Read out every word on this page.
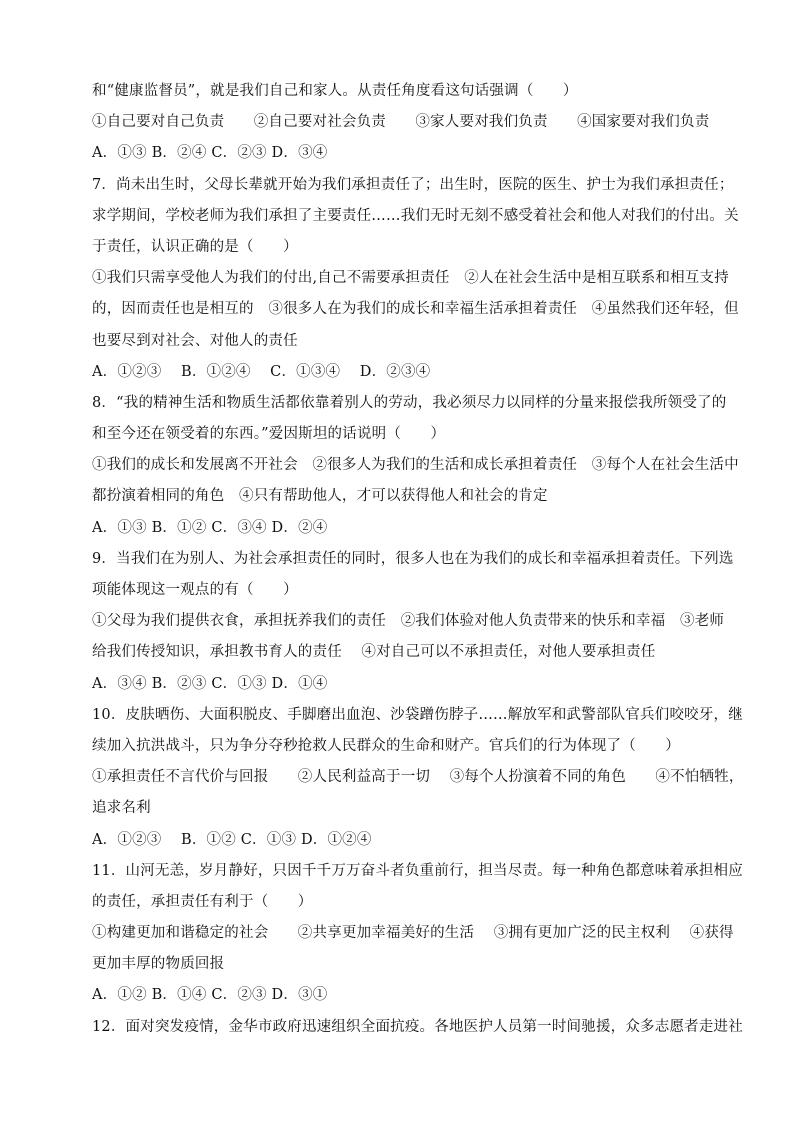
和“健康监督员”，就是我们自己和家人。从责任角度看这句话强调（　　）
①自己要对自己负责　　②自己要对社会负责　　③家人要对我们负责　　④国家要对我们负责
A．①③ B．②④ C．②③ D．③④
7．尚未出生时，父母长辈就开始为我们承担责任了；出生时，医院的医生、护士为我们承担责任；
求学期间，学校老师为我们承担了主要责任……我们无时无刻不感受着社会和他人对我们的付出。关
于责任，认识正确的是（　　）
①我们只需享受他人为我们的付出,自己不需要承担责任　②人在社会生活中是相互联系和相互支持
的，因而责任也是相互的　③很多人在为我们的成长和幸福生活承担着责任　④虽然我们还年轻，但
也要尽到对社会、对他人的责任
A．①②③　 B．①②④　 C．①③④　 D．②③④
8．“我的精神生活和物质生活都依靠着别人的劳动，我必须尽力以同样的分量来报偿我所领受了的
和至今还在领受着的东西。”爱因斯坦的话说明（　　）
①我们的成长和发展离不开社会　②很多人为我们的生活和成长承担着责任　③每个人在社会生活中
都扮演着相同的角色　④只有帮助他人，才可以获得他人和社会的肯定
A．①③ B．①② C．③④ D．②④
9．当我们在为别人、为社会承担责任的同时，很多人也在为我们的成长和幸福承担着责任。下列选
项能体现这一观点的有（　　）
①父母为我们提供衣食，承担抚养我们的责任　②我们体验对他人负责带来的快乐和幸福　③老师
给我们传授知识，承担教书育人的责任　 ④对自己可以不承担责任，对他人要承担责任
A．③④ B．②③ C．①③ D．①④
10．皮肤晒伤、大面积脱皮、手脚磨出血泡、沙袋蹭伤脖子……解放军和武警部队官兵们咬咬牙，继
续加入抗洪战斗，只为争分夺秒抢救人民群众的生命和财产。官兵们的行为体现了（　　）
①承担责任不言代价与回报　　②人民利益高于一切　 ③每个人扮演着不同的角色　　④不怕牺牲，
追求名利
A．①②③　 B．①② C．①③ D．①②④
11．山河无恙，岁月静好，只因千千万万奋斗者负重前行，担当尽责。每一种角色都意味着承担相应
的责任，承担责任有利于（　　）
①构建更加和谐稳定的社会　　②共享更加幸福美好的生活　 ③拥有更加广泛的民主权利　 ④获得
更加丰厚的物质回报
A．①② B．①④ C．②③ D．③①
12．面对突发疫情，金华市政府迅速组织全面抗疫。各地医护人员第一时间驰援，众多志愿者走进社
